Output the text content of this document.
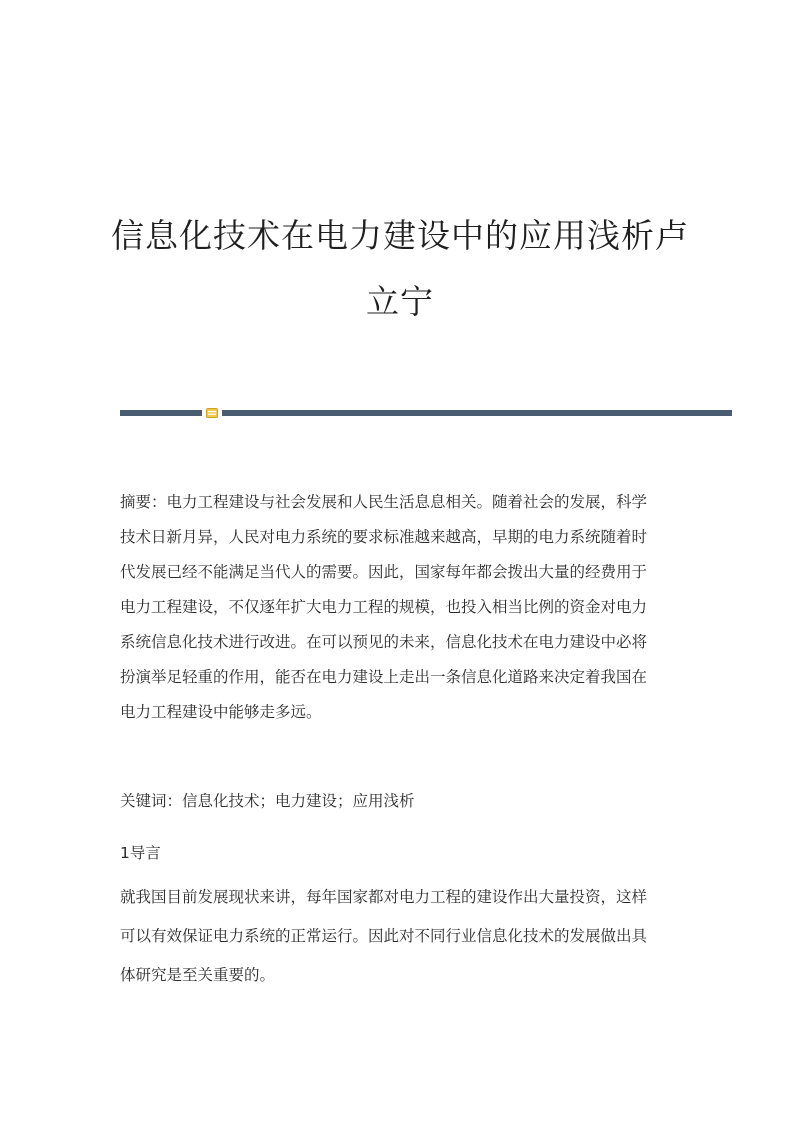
信息化技术在电力建设中的应用浅析卢
立宁
摘要：电力工程建设与社会发展和人民生活息息相关。随着社会的发展，科学
技术日新月异，人民对电力系统的要求标准越来越高，早期的电力系统随着时
代发展已经不能满足当代人的需要。因此，国家每年都会拨出大量的经费用于
电力工程建设，不仅逐年扩大电力工程的规模，也投入相当比例的资金对电力
系统信息化技术进行改进。在可以预见的未来，信息化技术在电力建设中必将
扮演举足轻重的作用，能否在电力建设上走出一条信息化道路来决定着我国在
电力工程建设中能够走多远。
关键词：信息化技术；电力建设；应用浅析
1导言
就我国目前发展现状来讲，每年国家都对电力工程的建设作出大量投资，这样
可以有效保证电力系统的正常运行。因此对不同行业信息化技术的发展做出具
体研究是至关重要的。
